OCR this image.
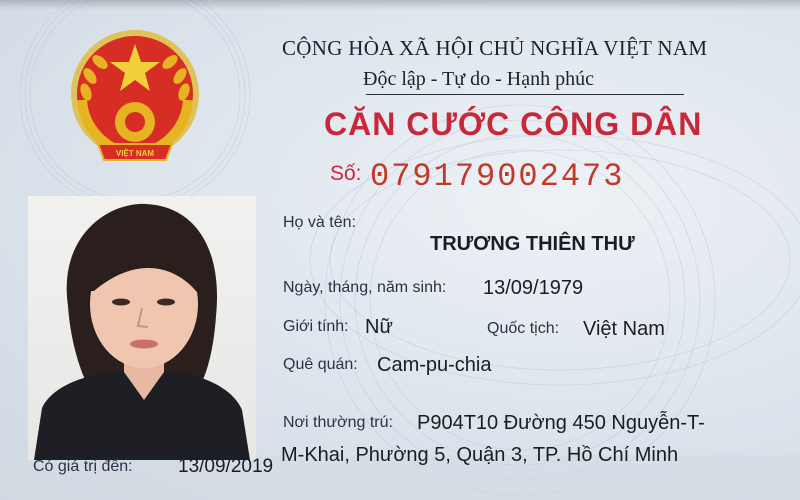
VIỆT NAM
CỘNG HÒA XÃ HỘI CHỦ NGHĨA VIỆT NAM
Độc lập - Tự do - Hạnh phúc
CĂN CƯỚC CÔNG DÂN
Số: 079179002473
Họ và tên:
TRƯƠNG THIÊN THƯ
Ngày, tháng, năm sinh: 13/09/1979
Giới tính: Nữ	Quốc tịch: Việt Nam
Quê quán: Cam-pu-chia
Nơi thường trú: P904T10 Đường 450 Nguyễn-T-
M-Khai, Phường 5, Quận 3, TP. Hồ Chí Minh
Có giá trị đến: 13/09/2019
